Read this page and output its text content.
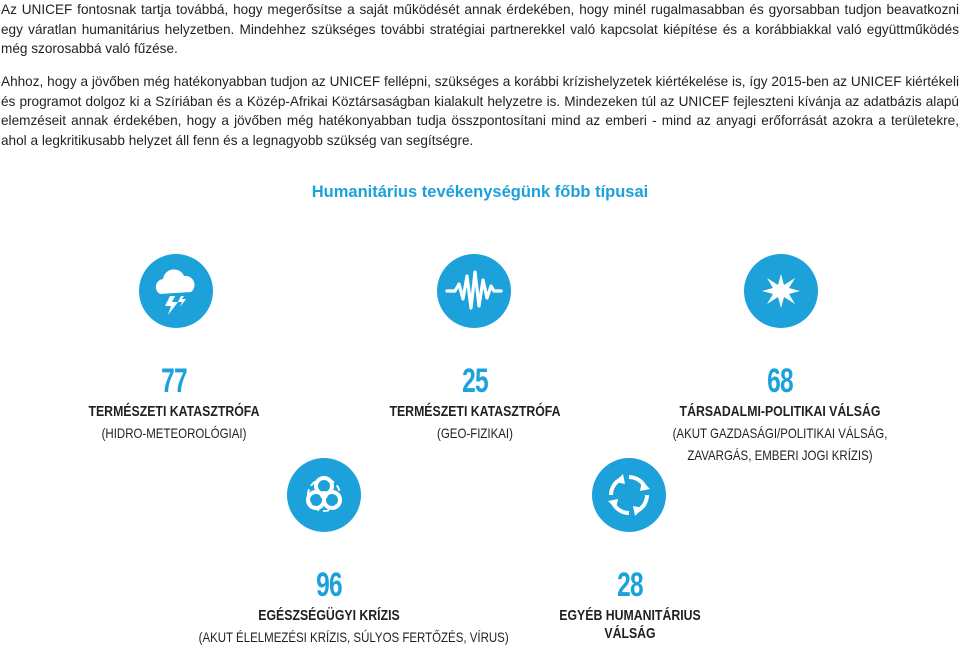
Az UNICEF fontosnak tartja továbbá, hogy megerősítse a saját működését annak érdekében, hogy minél rugalmasabban és gyorsabban tudjon beavatkozni egy váratlan humanitárius helyzetben. Mindehhez szükséges további stratégiai partnerekkel való kapcsolat kiépítése és a korábbiakkal való együttműködés még szorosabbá való fűzése.

Ahhoz, hogy a jövőben még hatékonyabban tudjon az UNICEF fellépni, szükséges a korábbi krízishelyzetek kiértékelése is, így 2015-ben az UNICEF kiértékeli és programot dolgoz ki a Szíriában és a Közép-Afrikai Köztársaságban kialakult helyzetre is. Mindezeken túl az UNICEF fejleszteni kívánja az adatbázis alapú elemzéseit annak érdekében, hogy a jövőben még hatékonyabban tudja összpontosítani mind az emberi - mind az anyagi erőforrását azokra a területekre, ahol a legkritikusabb helyzet áll fenn és a legnagyobb szükség van segítségre.

Humanitárius tevékenységünk főbb típusai
77
TERMÉSZETI KATASZTRÓFA
(HIDRO-METEOROLÓGIAI)
25
TERMÉSZETI KATASZTRÓFA
(GEO-FIZIKAI)
68
TÁRSADALMI-POLITIKAI VÁLSÁG
(AKUT GAZDASÁGI/POLITIKAI VÁLSÁG,
ZAVARGÁS, EMBERI JOGI KRÍZIS)
96
EGÉSZSÉGÜGYI KRÍZIS
(AKUT ÉLELMEZÉSI KRÍZIS, SÚLYOS FERTŐZÉS, VÍRUS)
28
EGYÉB HUMANITÁRIUS
VÁLSÁG
